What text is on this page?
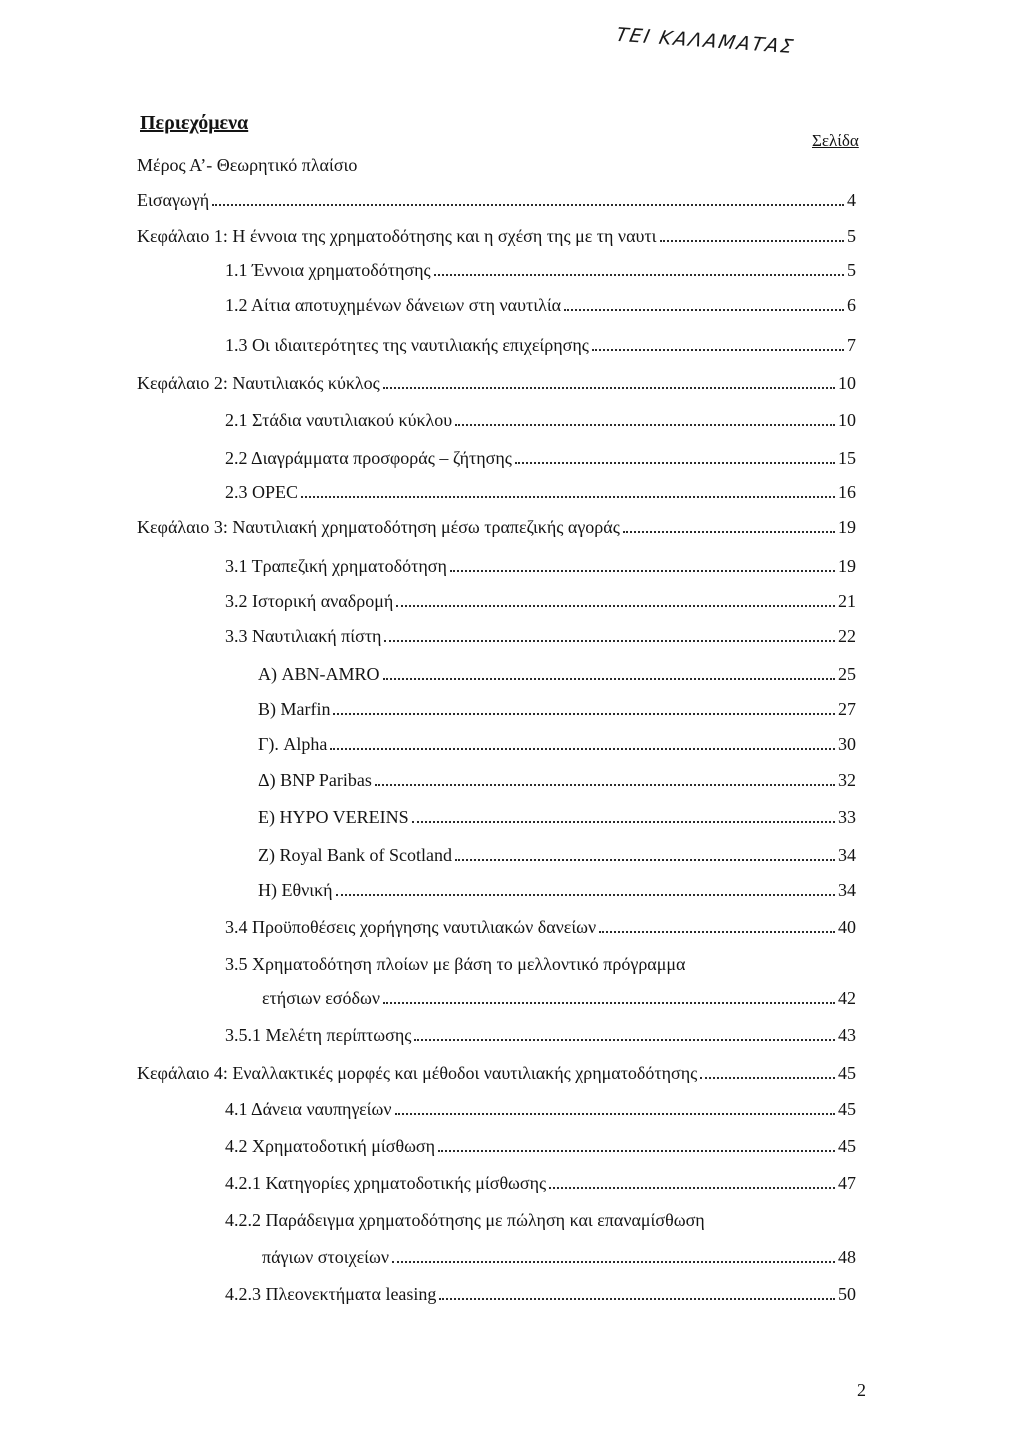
ΤΕΙ ΚΑΛΑΜΑΤΑΣ
Περιεχόμενα
Σελίδα
Μέρος Α’- Θεωρητικό πλαίσιο
Εισαγωγή	4
Κεφάλαιο 1: Η έννοια της χρηματοδότησης και η σχέση της με τη ναυτι	5
1.1 Έννοια χρηματοδότησης	5
1.2 Αίτια αποτυχημένων δάνειων στη ναυτιλία	6
1.3 Οι ιδιαιτερότητες της ναυτιλιακής επιχείρησης	7
Κεφάλαιο 2: Ναυτιλιακός κύκλος	10
2.1 Στάδια ναυτιλιακού κύκλου	10
2.2 Διαγράμματα προσφοράς – ζήτησης	15
2.3 OPEC	16
Κεφάλαιο 3: Ναυτιλιακή χρηματοδότηση μέσω τραπεζικής αγοράς	19
3.1 Τραπεζική χρηματοδότηση	19
3.2 Ιστορική αναδρομή	21
3.3 Ναυτιλιακή πίστη	22
Α) ABN-AMRO	25
Β) Marfin	27
Γ). Alpha	30
Δ) BNP Paribas	32
Ε) HYPO VEREINS	33
Ζ) Royal Bank of Scotland	34
Η) Εθνική	34
3.4 Προϋποθέσεις χορήγησης ναυτιλιακών δανείων	40
3.5 Χρηματοδότηση πλοίων με βάση το μελλοντικό πρόγραμμα
ετήσιων εσόδων	42
3.5.1 Μελέτη περίπτωσης	43
Κεφάλαιο 4: Εναλλακτικές μορφές και μέθοδοι ναυτιλιακής χρηματοδότησης	45
4.1 Δάνεια ναυπηγείων	45
4.2 Χρηματοδοτική μίσθωση	45
4.2.1 Κατηγορίες χρηματοδοτικής μίσθωσης	47
4.2.2 Παράδειγμα χρηματοδότησης με πώληση και επαναμίσθωση
πάγιων στοιχείων	48
4.2.3 Πλεονεκτήματα leasing	50
2
